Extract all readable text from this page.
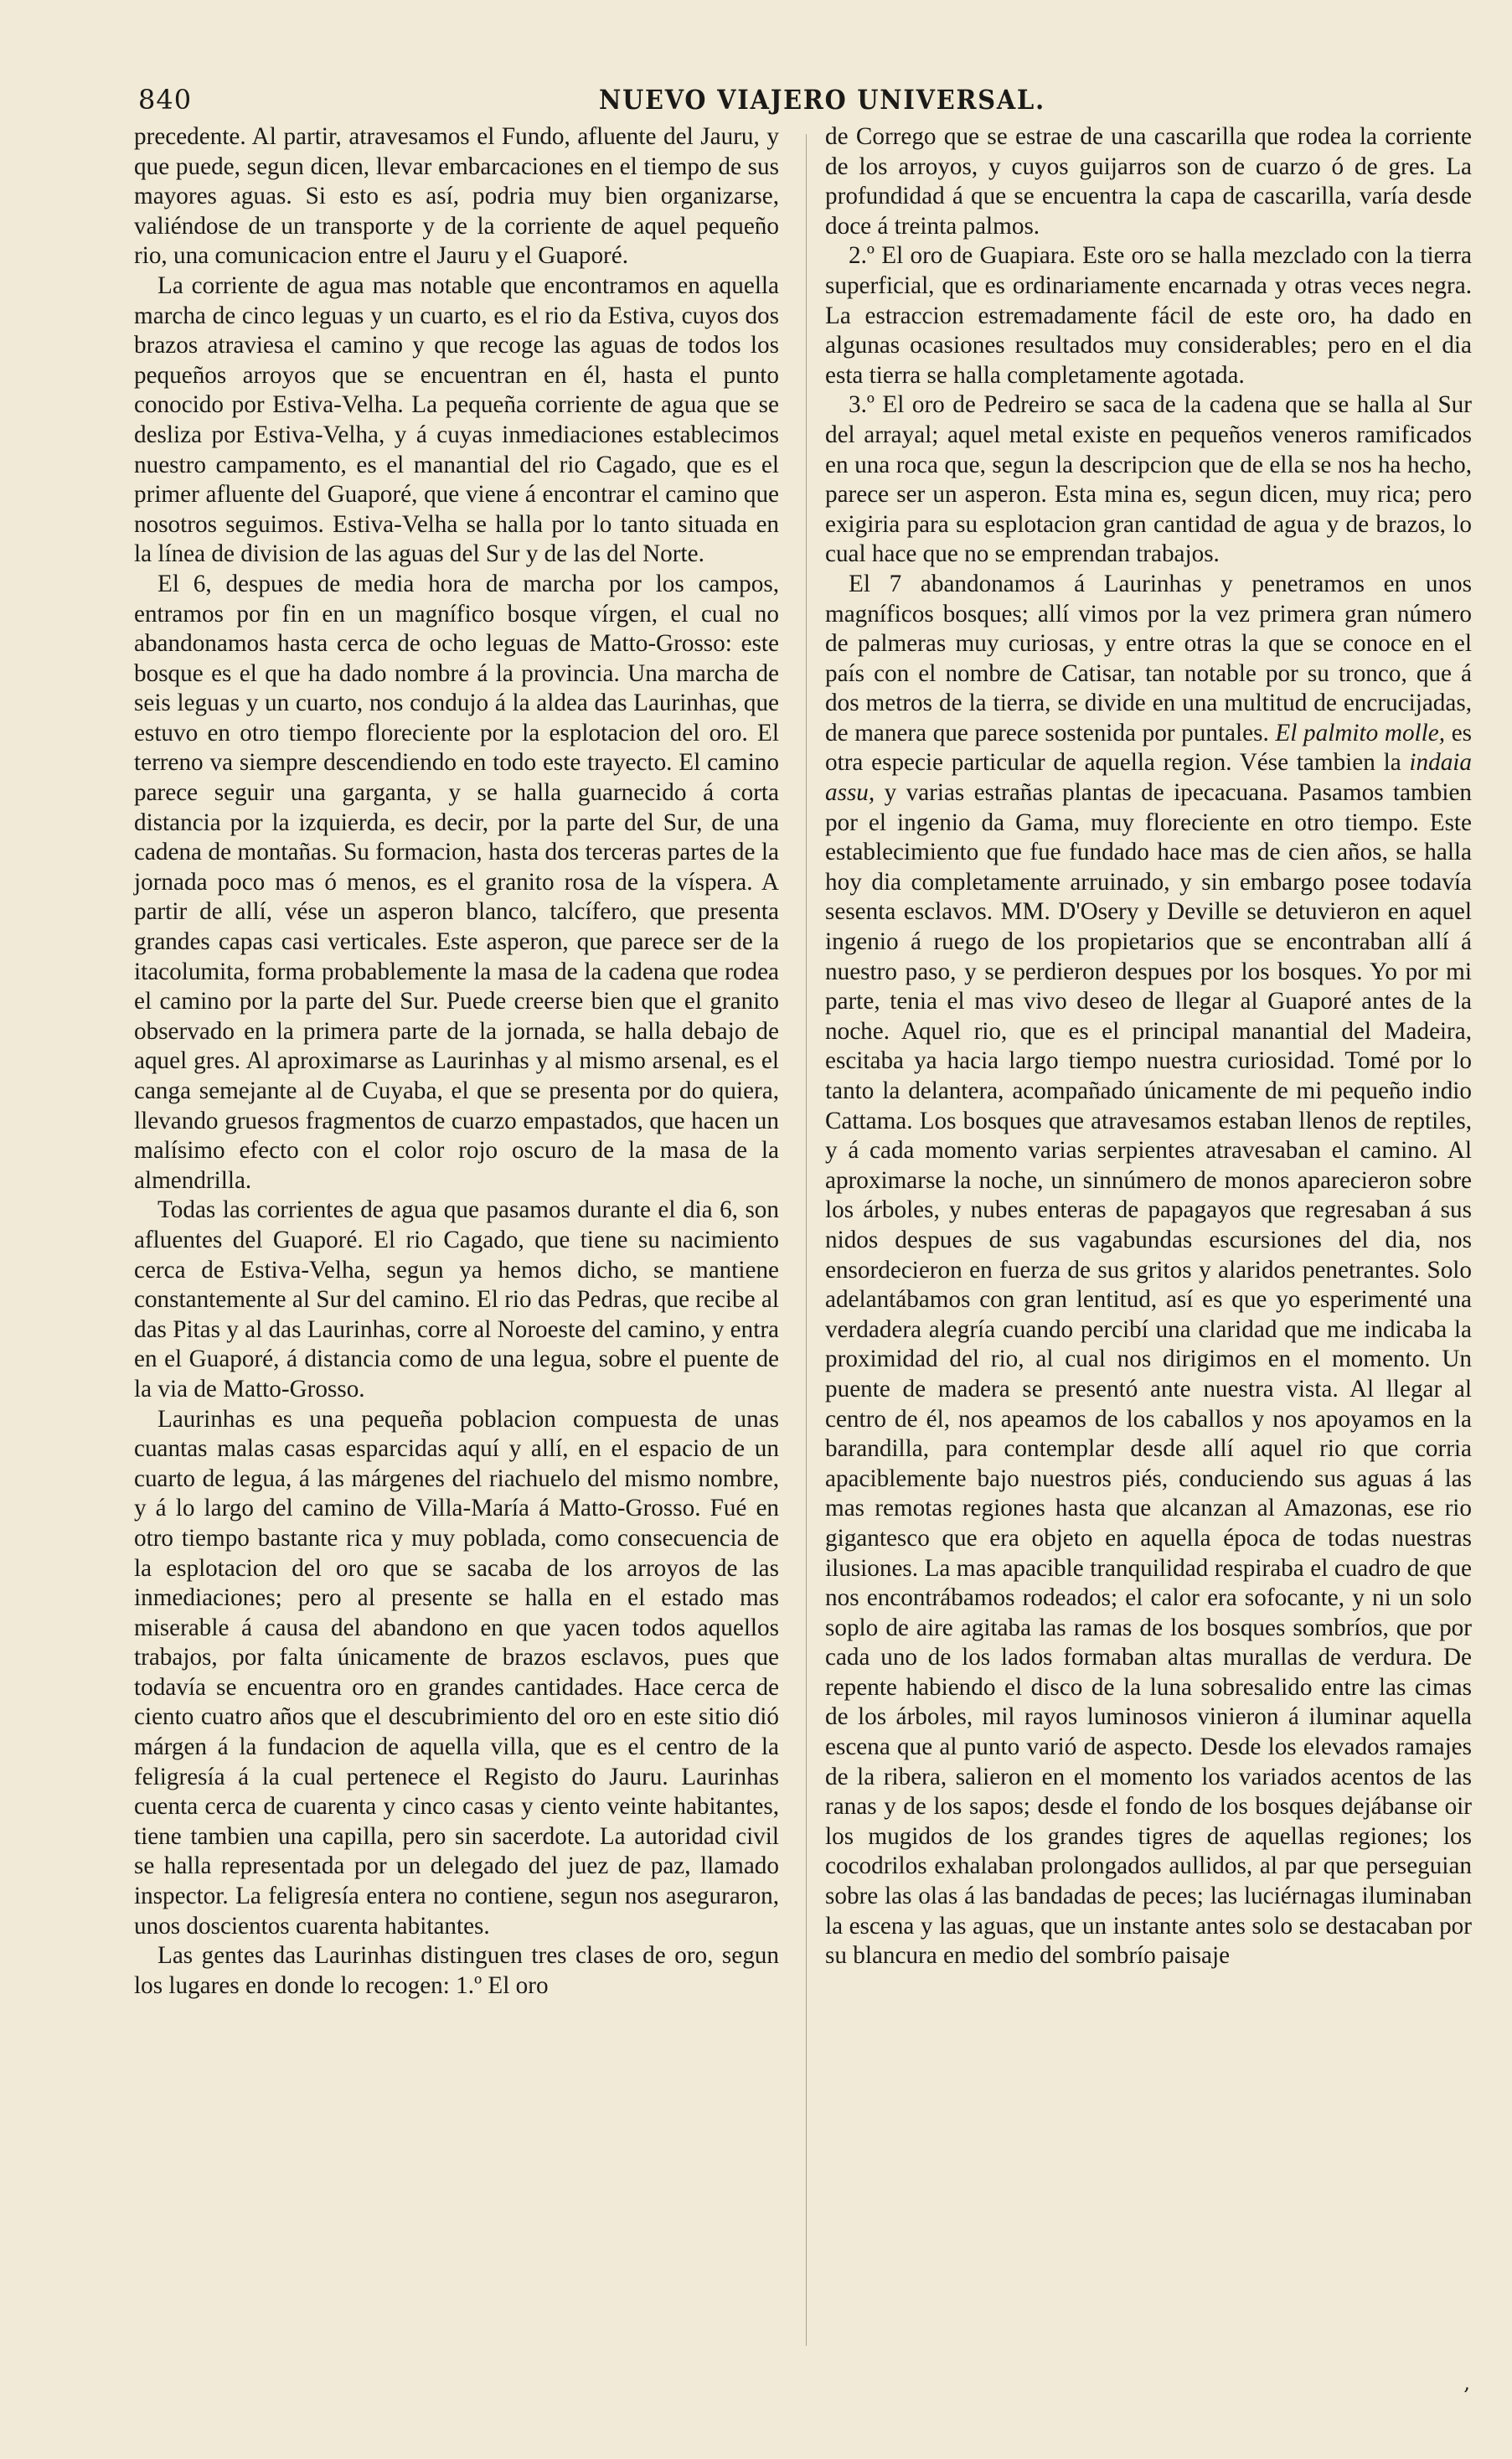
840	NUEVO VIAJERO UNIVERSAL.

precedente. Al partir, atravesamos el Fundo, afluente del Jauru, y que puede, segun dicen, llevar embarcaciones en el tiempo de sus mayores aguas. Si esto es así, podria muy bien organizarse, valiéndose de un transporte y de la corriente de aquel pequeño rio, una comunicacion entre el Jauru y el Guaporé.

La corriente de agua mas notable que encontramos en aquella marcha de cinco leguas y un cuarto, es el rio da Estiva, cuyos dos brazos atraviesa el camino y que recoge las aguas de todos los pequeños arroyos que se encuentran en él, hasta el punto conocido por Estiva-Velha. La pequeña corriente de agua que se desliza por Estiva-Velha, y á cuyas inmediaciones establecimos nuestro campamento, es el manantial del rio Cagado, que es el primer afluente del Guaporé, que viene á encontrar el camino que nosotros seguimos. Estiva-Velha se halla por lo tanto situada en la línea de division de las aguas del Sur y de las del Norte.

El 6, despues de media hora de marcha por los campos, entramos por fin en un magnífico bosque vírgen, el cual no abandonamos hasta cerca de ocho leguas de Matto-Grosso: este bosque es el que ha dado nombre á la provincia. Una marcha de seis leguas y un cuarto, nos condujo á la aldea das Laurinhas, que estuvo en otro tiempo floreciente por la esplotacion del oro. El terreno va siempre descendiendo en todo este trayecto. El camino parece seguir una garganta, y se halla guarnecido á corta distancia por la izquierda, es decir, por la parte del Sur, de una cadena de montañas. Su formacion, hasta dos terceras partes de la jornada poco mas ó menos, es el granito rosa de la víspera. A partir de allí, vése un asperon blanco, talcífero, que presenta grandes capas casi verticales. Este asperon, que parece ser de la itacolumita, forma probablemente la masa de la cadena que rodea el camino por la parte del Sur. Puede creerse bien que el granito observado en la primera parte de la jornada, se halla debajo de aquel gres. Al aproximarse as Laurinhas y al mismo arsenal, es el canga semejante al de Cuyaba, el que se presenta por do quiera, llevando gruesos fragmentos de cuarzo empastados, que hacen un malísimo efecto con el color rojo oscuro de la masa de la almendrilla.

Todas las corrientes de agua que pasamos durante el dia 6, son afluentes del Guaporé. El rio Cagado, que tiene su nacimiento cerca de Estiva-Velha, segun ya hemos dicho, se mantiene constantemente al Sur del camino. El rio das Pedras, que recibe al das Pitas y al das Laurinhas, corre al Noroeste del camino, y entra en el Guaporé, á distancia como de una legua, sobre el puente de la via de Matto-Grosso.

Laurinhas es una pequeña poblacion compuesta de unas cuantas malas casas esparcidas aquí y allí, en el espacio de un cuarto de legua, á las márgenes del riachuelo del mismo nombre, y á lo largo del camino de Villa-María á Matto-Grosso. Fué en otro tiempo bastante rica y muy poblada, como consecuencia de la esplotacion del oro que se sacaba de los arroyos de las inmediaciones; pero al presente se halla en el estado mas miserable á causa del abandono en que yacen todos aquellos trabajos, por falta únicamente de brazos esclavos, pues que todavía se encuentra oro en grandes cantidades. Hace cerca de ciento cuatro años que el descubrimiento del oro en este sitio dió márgen á la fundacion de aquella villa, que es el centro de la feligresía á la cual pertenece el Registo do Jauru. Laurinhas cuenta cerca de cuarenta y cinco casas y ciento veinte habitantes, tiene tambien una capilla, pero sin sacerdote. La autoridad civil se halla representada por un delegado del juez de paz, llamado inspector. La feligresía entera no contiene, segun nos aseguraron, unos doscientos cuarenta habitantes.

Las gentes das Laurinhas distinguen tres clases de oro, segun los lugares en donde lo recogen: 1.º El oro

de Corrego que se estrae de una cascarilla que rodea la corriente de los arroyos, y cuyos guijarros son de cuarzo ó de gres. La profundidad á que se encuentra la capa de cascarilla, varía desde doce á treinta palmos.

2.º El oro de Guapiara. Este oro se halla mezclado con la tierra superficial, que es ordinariamente encarnada y otras veces negra. La estraccion estremadamente fácil de este oro, ha dado en algunas ocasiones resultados muy considerables; pero en el dia esta tierra se halla completamente agotada.

3.º El oro de Pedreiro se saca de la cadena que se halla al Sur del arrayal; aquel metal existe en pequeños veneros ramificados en una roca que, segun la descripcion que de ella se nos ha hecho, parece ser un asperon. Esta mina es, segun dicen, muy rica; pero exigiria para su esplotacion gran cantidad de agua y de brazos, lo cual hace que no se emprendan trabajos.

El 7 abandonamos á Laurinhas y penetramos en unos magníficos bosques; allí vimos por la vez primera gran número de palmeras muy curiosas, y entre otras la que se conoce en el país con el nombre de Catisar, tan notable por su tronco, que á dos metros de la tierra, se divide en una multitud de encrucijadas, de manera que parece sostenida por puntales. El palmito molle, es otra especie particular de aquella region. Vése tambien la indaia assu, y varias estrañas plantas de ipecacuana. Pasamos tambien por el ingenio da Gama, muy floreciente en otro tiempo. Este establecimiento que fue fundado hace mas de cien años, se halla hoy dia completamente arruinado, y sin embargo posee todavía sesenta esclavos. MM. D'Osery y Deville se detuvieron en aquel ingenio á ruego de los propietarios que se encontraban allí á nuestro paso, y se perdieron despues por los bosques. Yo por mi parte, tenia el mas vivo deseo de llegar al Guaporé antes de la noche. Aquel rio, que es el principal manantial del Madeira, escitaba ya hacia largo tiempo nuestra curiosidad. Tomé por lo tanto la delantera, acompañado únicamente de mi pequeño indio Cattama. Los bosques que atravesamos estaban llenos de reptiles, y á cada momento varias serpientes atravesaban el camino. Al aproximarse la noche, un sinnúmero de monos aparecieron sobre los árboles, y nubes enteras de papagayos que regresaban á sus nidos despues de sus vagabundas escursiones del dia, nos ensordecieron en fuerza de sus gritos y alaridos penetrantes. Solo adelantábamos con gran lentitud, así es que yo esperimenté una verdadera alegría cuando percibí una claridad que me indicaba la proximidad del rio, al cual nos dirigimos en el momento. Un puente de madera se presentó ante nuestra vista. Al llegar al centro de él, nos apeamos de los caballos y nos apoyamos en la barandilla, para contemplar desde allí aquel rio que corria apaciblemente bajo nuestros piés, conduciendo sus aguas á las mas remotas regiones hasta que alcanzan al Amazonas, ese rio gigantesco que era objeto en aquella época de todas nuestras ilusiones. La mas apacible tranquilidad respiraba el cuadro de que nos encontrábamos rodeados; el calor era sofocante, y ni un solo soplo de aire agitaba las ramas de los bosques sombríos, que por cada uno de los lados formaban altas murallas de verdura. De repente habiendo el disco de la luna sobresalido entre las cimas de los árboles, mil rayos luminosos vinieron á iluminar aquella escena que al punto varió de aspecto. Desde los elevados ramajes de la ribera, salieron en el momento los variados acentos de las ranas y de los sapos; desde el fondo de los bosques dejábanse oir los mugidos de los grandes tigres de aquellas regiones; los cocodrilos exhalaban prolongados aullidos, al par que perseguian sobre las olas á las bandadas de peces; las luciérnagas iluminaban la escena y las aguas, que un instante antes solo se destacaban por su blancura en medio del sombrío paisaje

,
